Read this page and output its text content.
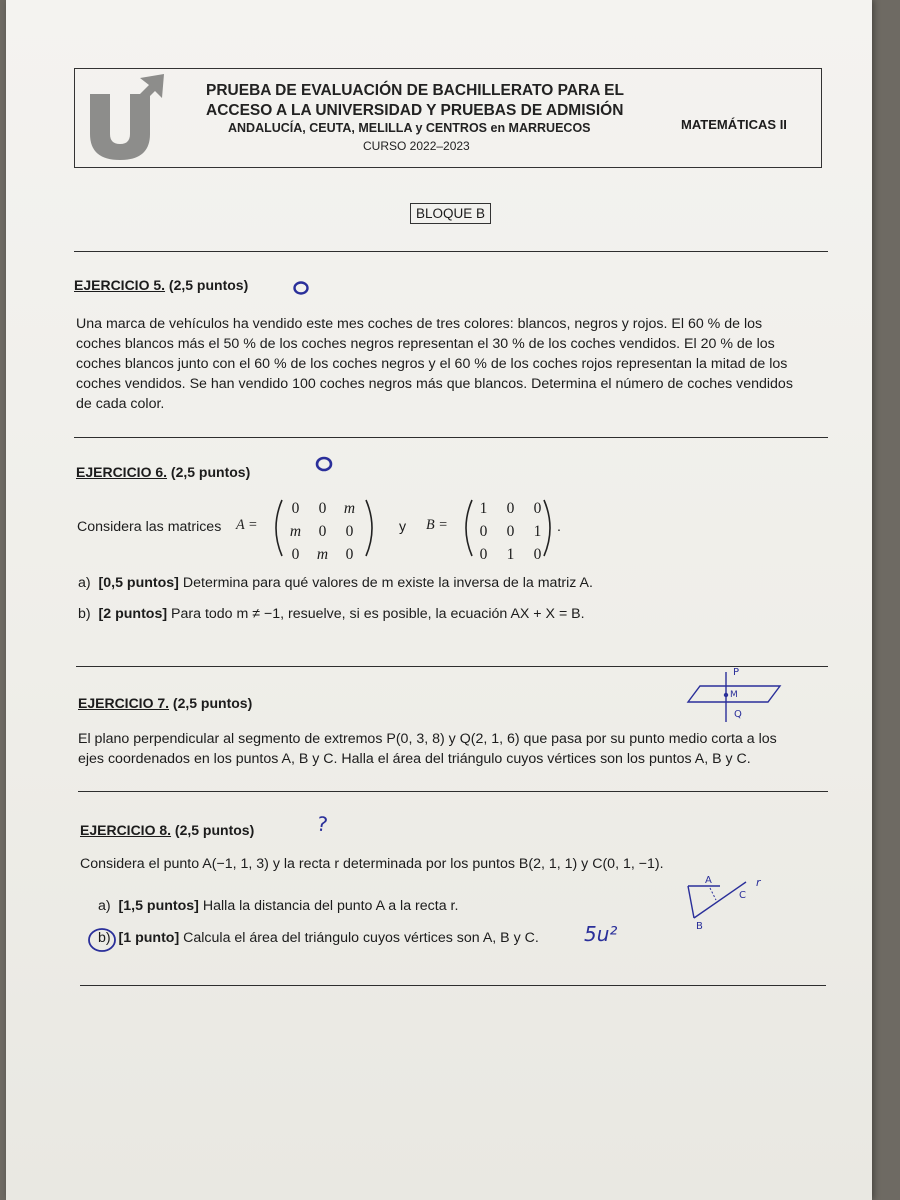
PRUEBA DE EVALUACIÓN DE BACHILLERATO PARA EL
ACCESO A LA UNIVERSIDAD Y PRUEBAS DE ADMISIÓN
ANDALUCÍA, CEUTA, MELILLA y CENTROS en MARRUECOS
CURSO 2022–2023
MATEMÁTICAS II
BLOQUE B
EJERCICIO 5. (2,5 puntos)

Una marca de vehículos ha vendido este mes coches de tres colores: blancos, negros y rojos. El 60 % de los

coches blancos más el 50 % de los coches negros representan el 30 % de los coches vendidos. El 20 % de los

coches blancos junto con el 60 % de los coches negros y el 60 % de los coches rojos representan la mitad de los

coches vendidos. Se han vendido 100 coches negros más que blancos. Determina el número de coches vendidos

de cada color.

EJERCICIO 6. (2,5 puntos)
Considera las matrices A =
0	0	m
m	0	0
0	m	0
y B =
1	0	0
0	0	1
0	1	0
.
a) [0,5 puntos] Determina para qué valores de m existe la inversa de la matriz A.
b) [2 puntos] Para todo m ≠ −1, resuelve, si es posible, la ecuación AX + X = B.
EJERCICIO 7. (2,5 puntos)

El plano perpendicular al segmento de extremos P(0, 3, 8) y Q(2, 1, 6) que pasa por su punto medio corta a los

ejes coordenados en los puntos A, B y C. Halla el área del triángulo cuyos vértices son los puntos A, B y C.

EJERCICIO 8. (2,5 puntos)
Considera el punto A(−1, 1, 3) y la recta r determinada por los puntos B(2, 1, 1) y C(0, 1, −1).
a) [1,5 puntos] Halla la distancia del punto A a la recta r.
b) [1 punto] Calcula el área del triángulo cuyos vértices son A, B y C.
P
M
Q
?
5u²
A
C
r
B
